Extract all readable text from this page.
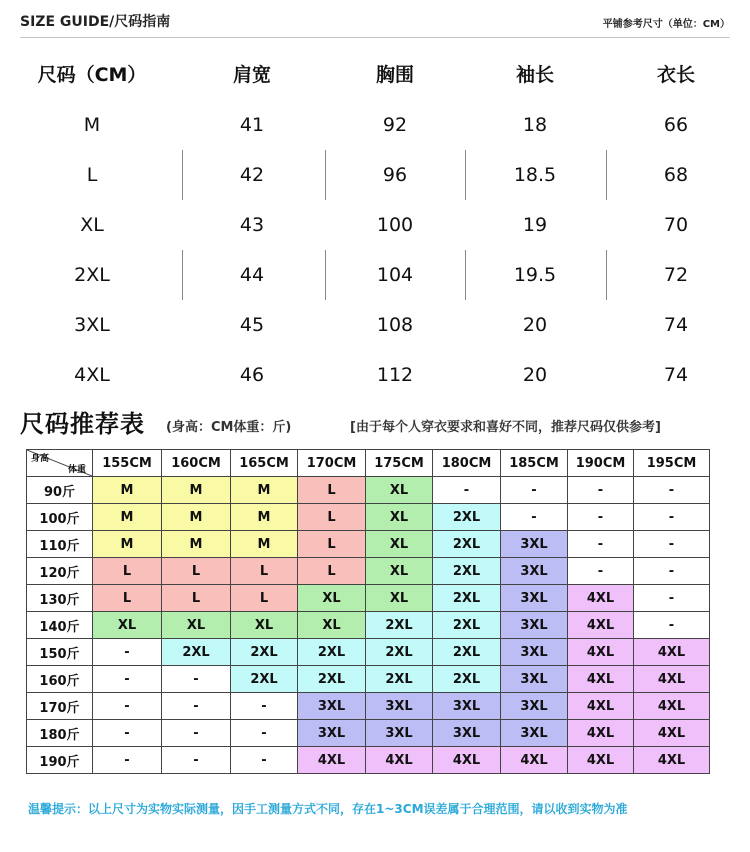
SIZE GUIDE/尺码指南	平铺参考尺寸（单位：CM）
尺码（CM）	肩宽	胸围	袖长	衣长
M	41	92	18	66
L	42	96	18.5	68
XL	43	100	19	70
2XL	44	104	19.5	72
3XL	45	108	20	74
4XL	46	112	20	74
尺码推荐表 (身高：CM体重：斤)	[由于每个人穿衣要求和喜好不同，推荐尺码仅供参考]
身高
体重	155CM	160CM	165CM	170CM	175CM	180CM	185CM	190CM	195CM
90斤	M	M	M	L	XL	-	-	-	-
100斤	M	M	M	L	XL	2XL	-	-	-
110斤	M	M	M	L	XL	2XL	3XL	-	-
120斤	L	L	L	L	XL	2XL	3XL	-	-
130斤	L	L	L	XL	XL	2XL	3XL	4XL	-
140斤	XL	XL	XL	XL	2XL	2XL	3XL	4XL	-
150斤	-	2XL	2XL	2XL	2XL	2XL	3XL	4XL	4XL
160斤	-	-	2XL	2XL	2XL	2XL	3XL	4XL	4XL
170斤	-	-	-	3XL	3XL	3XL	3XL	4XL	4XL
180斤	-	-	-	3XL	3XL	3XL	3XL	4XL	4XL
190斤	-	-	-	4XL	4XL	4XL	4XL	4XL	4XL
温馨提示：以上尺寸为实物实际测量，因手工测量方式不同，存在1~3CM误差属于合理范围，请以收到实物为准
